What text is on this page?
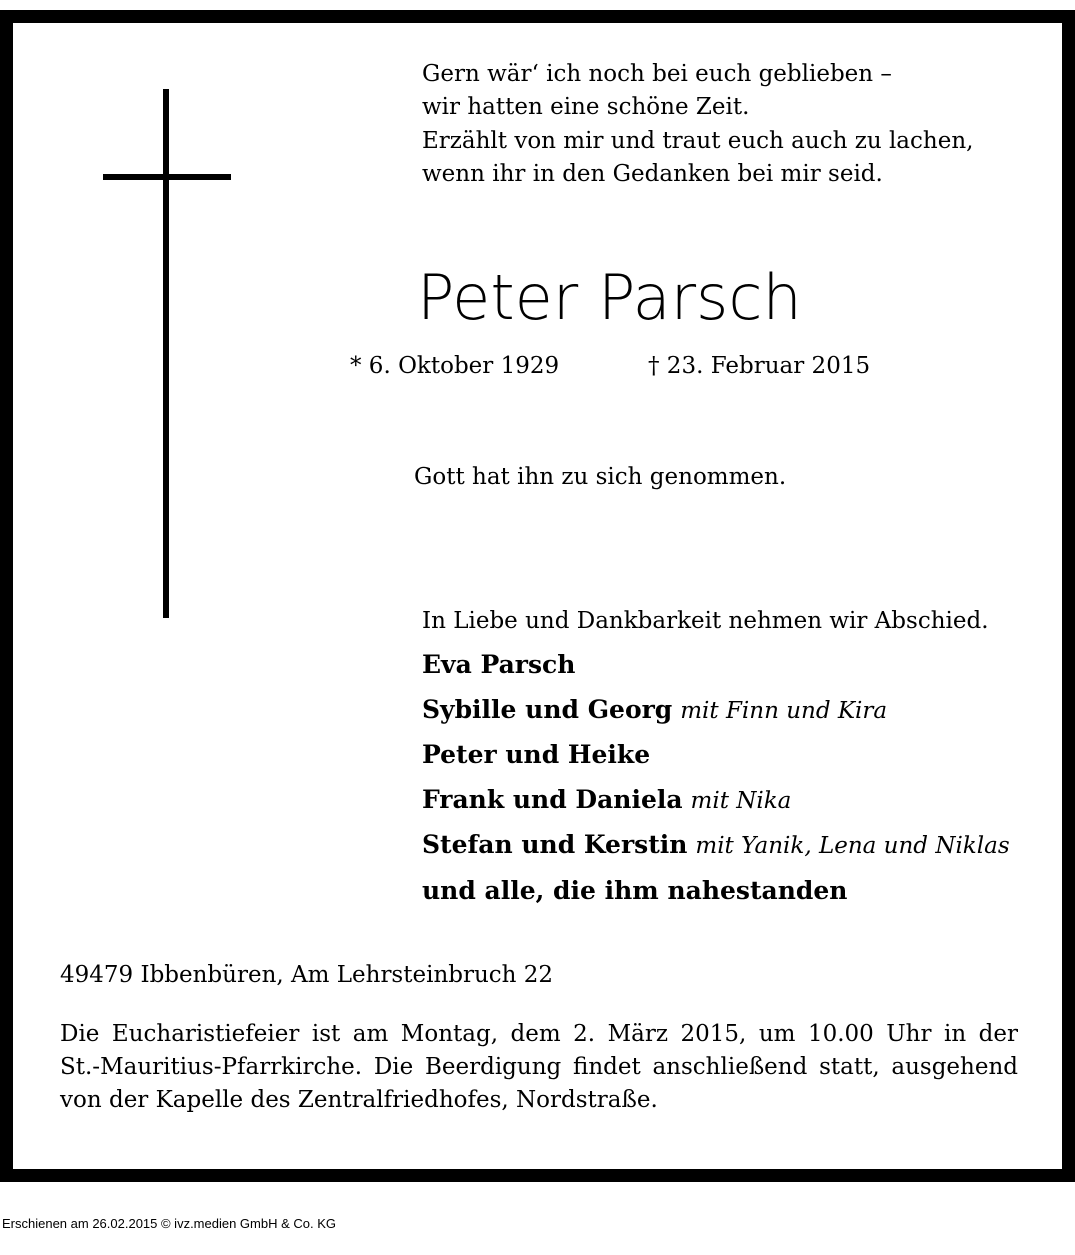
Gern wär‘ ich noch bei euch geblieben –
wir hatten eine schöne Zeit.
Erzählt von mir und traut euch auch zu lachen,
wenn ihr in den Gedanken bei mir seid.
Peter Parsch
* 6. Oktober 1929	† 23. Februar 2015
Gott hat ihn zu sich genommen.
In Liebe und Dankbarkeit nehmen wir Abschied.
Eva Parsch
Sybille und Georg mit Finn und Kira
Peter und Heike
Frank und Daniela mit Nika
Stefan und Kerstin mit Yanik, Lena und Niklas
und alle, die ihm nahestanden
49479 Ibbenbüren, Am Lehrsteinbruch 22
Die Eucharistiefeier ist am Montag, dem 2. März 2015, um 10.00 Uhr in der
St.-Mauritius-Pfarrkirche. Die Beerdigung findet anschließend statt, ausgehend
von der Kapelle des Zentralfriedhofes, Nordstraße.
Erschienen am 26.02.2015 © ivz.medien GmbH & Co. KG
